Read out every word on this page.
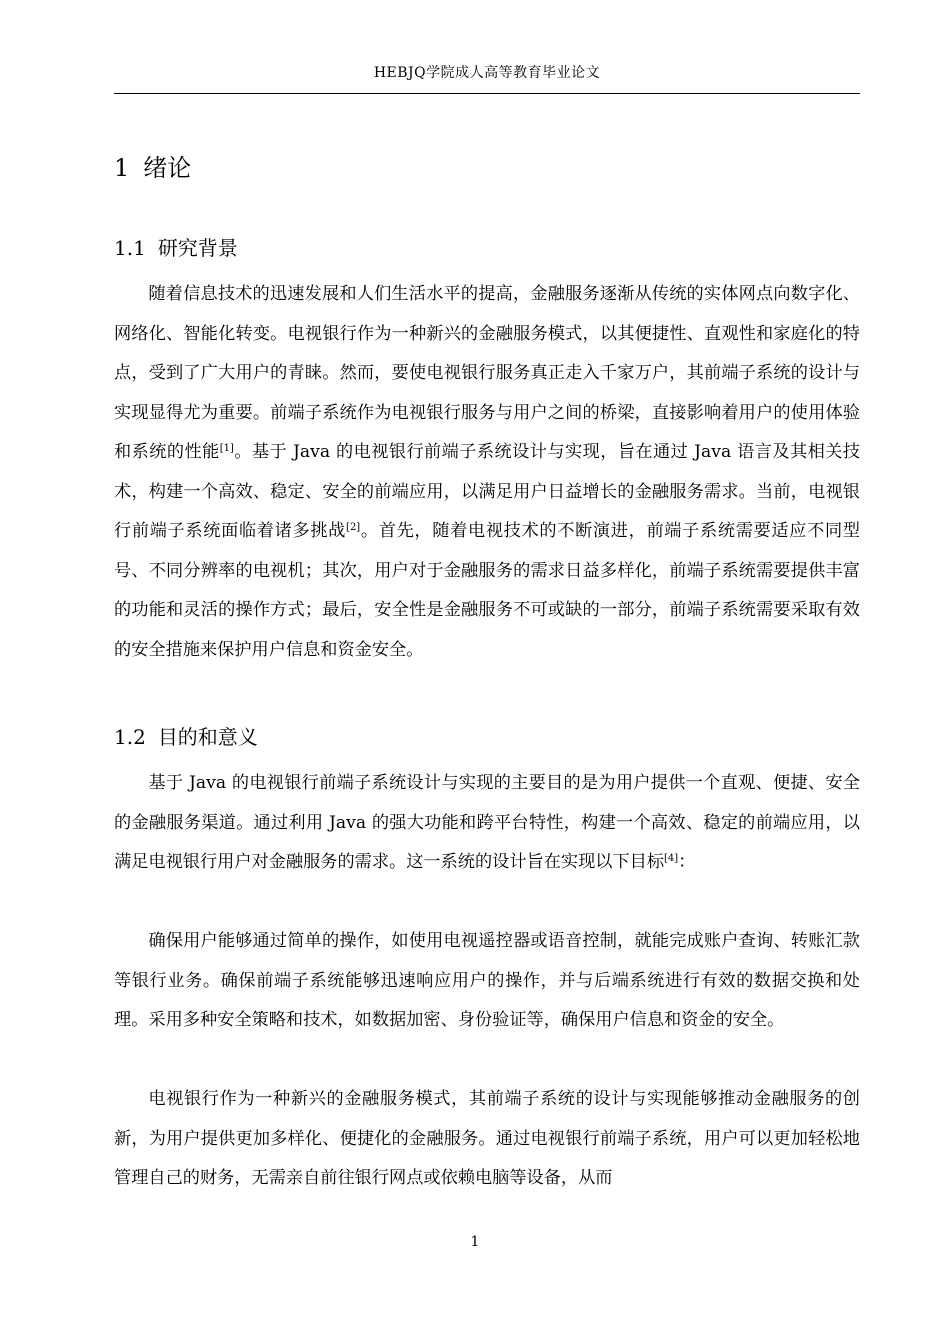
HEBJQ学院成人高等教育毕业论文
1 绪论
1.1 研究背景

随着信息技术的迅速发展和人们生活水平的提高，金融服务逐渐从传统的实体网点向数字化、网络化、智能化转变。电视银行作为一种新兴的金融服务模式，以其便捷性、直观性和家庭化的特点，受到了广大用户的青睐。然而，要使电视银行服务真正走入千家万户，其前端子系统的设计与实现显得尤为重要。前端子系统作为电视银行服务与用户之间的桥梁，直接影响着用户的使用体验和系统的性能[1]。基于 Java 的电视银行前端子系统设计与实现，旨在通过 Java 语言及其相关技术，构建一个高效、稳定、安全的前端应用，以满足用户日益增长的金融服务需求。当前，电视银行前端子系统面临着诸多挑战[2]。首先，随着电视技术的不断演进，前端子系统需要适应不同型号、不同分辨率的电视机；其次，用户对于金融服务的需求日益多样化，前端子系统需要提供丰富的功能和灵活的操作方式；最后，安全性是金融服务不可或缺的一部分，前端子系统需要采取有效的安全措施来保护用户信息和资金安全。

1.2 目的和意义

基于 Java 的电视银行前端子系统设计与实现的主要目的是为用户提供一个直观、便捷、安全的金融服务渠道。通过利用 Java 的强大功能和跨平台特性，构建一个高效、稳定的前端应用，以满足电视银行用户对金融服务的需求。这一系统的设计旨在实现以下目标[4]：

确保用户能够通过简单的操作，如使用电视遥控器或语音控制，就能完成账户查询、转账汇款等银行业务。确保前端子系统能够迅速响应用户的操作，并与后端系统进行有效的数据交换和处理。采用多种安全策略和技术，如数据加密、身份验证等，确保用户信息和资金的安全。

电视银行作为一种新兴的金融服务模式，其前端子系统的设计与实现能够推动金融服务的创新，为用户提供更加多样化、便捷化的金融服务。通过电视银行前端子系统，用户可以更加轻松地管理自己的财务，无需亲自前往银行网点或依赖电脑等设备，从而

1
